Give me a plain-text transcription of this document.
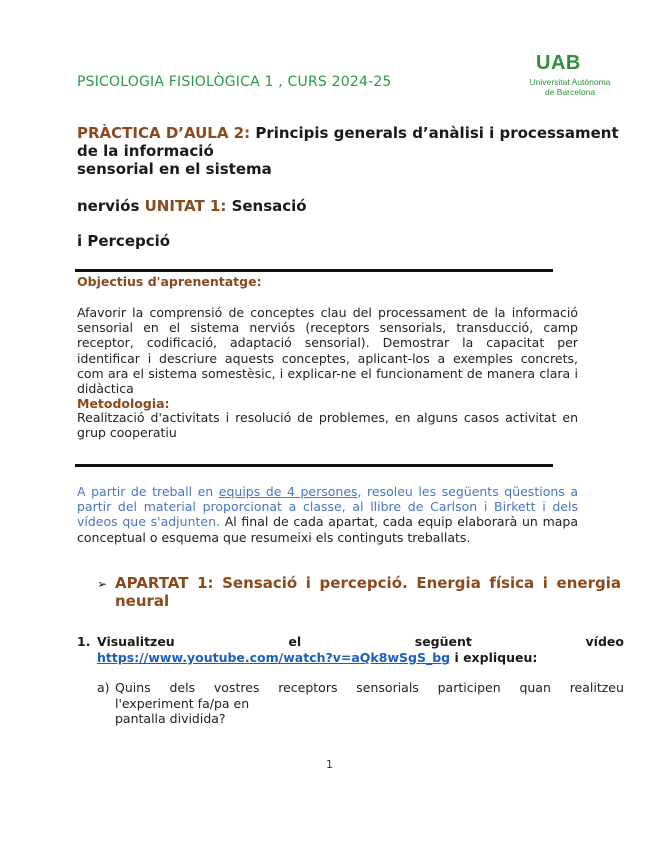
PSICOLOGIA FISIOLÒGICA 1 , CURS 2024-25
UAB
Universitat Autònoma
de Barcelona
PRÀCTICA D’AULA 2: Principis generals d’anàlisi i processament
de la informació
sensorial en el sistema
nerviós UNITAT 1: Sensació
i Percepció
Objectius d'aprenentatge:
Afavorir la comprensió de conceptes clau del processament de la informació sensorial en el sistema nerviós (receptors sensorials, transducció, camp receptor, codificació, adaptació sensorial). Demostrar la capacitat per identificar i descriure aquests conceptes, aplicant-los a exemples concrets, com ara el sistema somestèsic, i explicar-ne el funcionament de manera clara i didàctica
Metodologia:
Realització d'activitats i resolució de problemes, en alguns casos activitat en grup cooperatiu
A partir de treball en equips de 4 persones, resoleu les següents qüestions a partir del material proporcionat a classe, al llibre de Carlson i Birkett i dels vídeos que s'adjunten. Al final de cada apartat, cada equip elaborarà un mapa conceptual o esquema que resumeixi els continguts treballats.
➢ APARTAT 1: Sensació i percepció. Energia física i energia neural
1. Visualitzeu	el	següent	vídeo
https://www.youtube.com/watch?v=aQk8wSgS_bg i expliqueu:
a) Quins dels vostres receptors sensorials participen quan realitzeu
l'experiment fa/pa en
pantalla dividida?
1
